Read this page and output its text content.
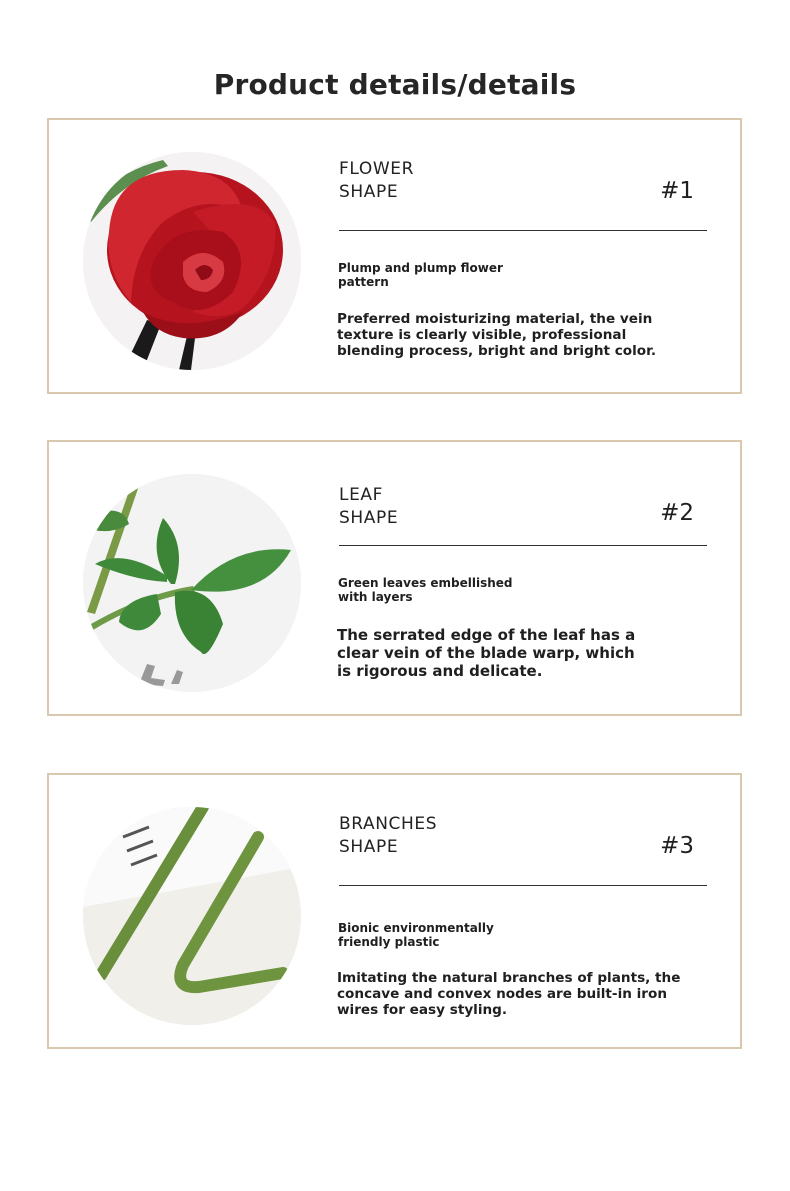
Product details/details
FLOWER
SHAPE	#1
Plump and plump flower pattern
Preferred moisturizing material, the vein texture is clearly visible, professional blending process, bright and bright color.
LEAF
SHAPE	#2
Green leaves embellished with layers
The serrated edge of the leaf has a clear vein of the blade warp, which is rigorous and delicate.
BRANCHES
SHAPE	#3
Bionic environmentally friendly plastic
Imitating the natural branches of plants, the concave and convex nodes are built-in iron wires for easy styling.
